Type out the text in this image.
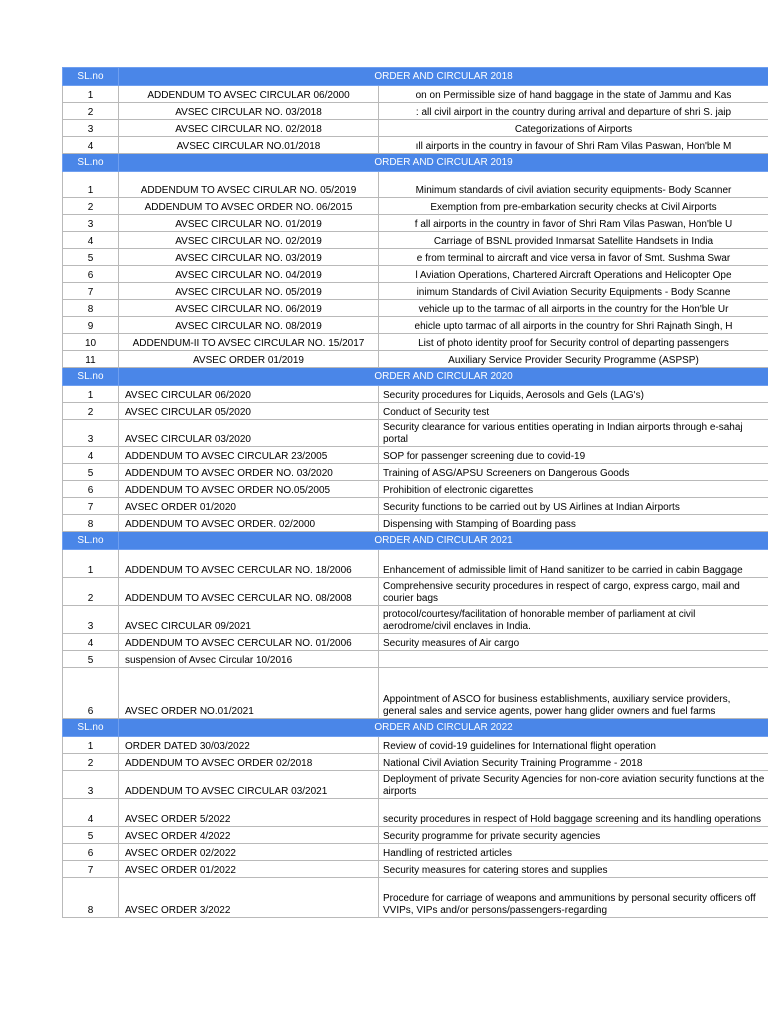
SL.no	ORDER AND CIRCULAR 2018	
1	ADDENDUM TO AVSEC CIRCULAR 06/2000	on on Permissible size of hand baggage in the state of Jammu and Kas
2	AVSEC CIRCULAR NO. 03/2018	: all civil airport in the country during arrival and departure of shri S. jaip
3	AVSEC CIRCULAR NO. 02/2018	Categorizations of Airports
4	AVSEC CIRCULAR NO.01/2018	ıll airports in the country in favour of Shri Ram Vilas Paswan, Hon'ble M
SL.no	ORDER AND CIRCULAR 2019	
1	ADDENDUM TO AVSEC CIRULAR NO. 05/2019	Minimum standards of civil aviation security equipments- Body Scanner
2	ADDENDUM TO AVSEC ORDER NO. 06/2015	Exemption from pre-embarkation security checks at Civil Airports
3	AVSEC CIRCULAR NO. 01/2019	f all airports in the country in favor of Shri Ram Vilas Paswan, Hon'ble U
4	AVSEC CIRCULAR NO. 02/2019	Carriage of BSNL provided Inmarsat Satellite Handsets in India
5	AVSEC CIRCULAR NO. 03/2019	e from terminal to aircraft and vice versa in favor of Smt. Sushma Swar
6	AVSEC CIRCULAR NO. 04/2019	l Aviation Operations, Chartered Aircraft Operations and Helicopter Ope
7	AVSEC CIRCULAR NO. 05/2019	inimum Standards of Civil Aviation Security Equipments - Body Scanne
8	AVSEC CIRCULAR NO. 06/2019	vehicle up to the tarmac of all airports in the country for the Hon'ble Ur
9	AVSEC CIRCULAR NO. 08/2019	ehicle upto tarmac of all airports in the country for Shri Rajnath Singh, H
10	ADDENDUM-II TO AVSEC CIRCULAR NO. 15/2017	List of photo identity proof for Security control of departing passengers
11	AVSEC ORDER 01/2019	Auxiliary Service Provider Security Programme (ASPSP)
SL.no	ORDER AND CIRCULAR 2020	
1	AVSEC CIRCULAR 06/2020	Security procedures for Liquids, Aerosols and Gels (LAG's)
2	AVSEC CIRCULAR 05/2020	Conduct of Security test
3	AVSEC CIRCULAR 03/2020	Security clearance for various entities operating in Indian airports through e-sahaj portal
4	ADDENDUM TO AVSEC CIRCULAR 23/2005	SOP for passenger screening due to covid-19
5	ADDENDUM TO AVSEC ORDER NO. 03/2020	Training of ASG/APSU Screeners on Dangerous Goods
6	ADDENDUM TO AVSEC ORDER NO.05/2005	Prohibition of electronic cigarettes
7	AVSEC ORDER 01/2020	Security functions to be carried out by US Airlines at Indian Airports
8	ADDENDUM TO AVSEC ORDER. 02/2000	Dispensing with Stamping of Boarding pass
SL.no	ORDER AND CIRCULAR 2021	
1	ADDENDUM TO AVSEC CERCULAR NO. 18/2006	Enhancement of admissible limit of Hand sanitizer to be carried in cabin Baggage
2	ADDENDUM TO AVSEC CERCULAR NO. 08/2008	Comprehensive security procedures in respect of cargo, express cargo, mail and courier bags
3	AVSEC CIRCULAR 09/2021	protocol/courtesy/facilitation of honorable member of parliament at civil aerodrome/civil enclaves in India.
4	ADDENDUM TO AVSEC CERCULAR NO. 01/2006	Security measures of Air cargo
5	suspension of Avsec Circular 10/2016	
6	AVSEC ORDER NO.01/2021	Appointment of ASCO for business establishments, auxiliary service providers, general sales and service agents, power hang glider owners and fuel farms
SL.no	ORDER AND CIRCULAR 2022	
1	ORDER DATED 30/03/2022	Review of covid-19 guidelines for International flight operation
2	ADDENDUM TO AVSEC ORDER 02/2018	National Civil Aviation Security Training Programme - 2018
3	ADDENDUM TO AVSEC CIRCULAR 03/2021	Deployment of private Security Agencies for non-core aviation security functions at the airports
4	AVSEC ORDER 5/2022	security procedures in respect of Hold baggage screening and its handling operations
5	AVSEC ORDER 4/2022	Security programme for private security agencies
6	AVSEC ORDER 02/2022	Handling of restricted articles
7	AVSEC ORDER 01/2022	Security measures for catering stores and supplies
8	AVSEC ORDER 3/2022	Procedure for carriage of weapons and ammunitions by personal security officers off VVIPs, VIPs and/or persons/passengers-regarding
